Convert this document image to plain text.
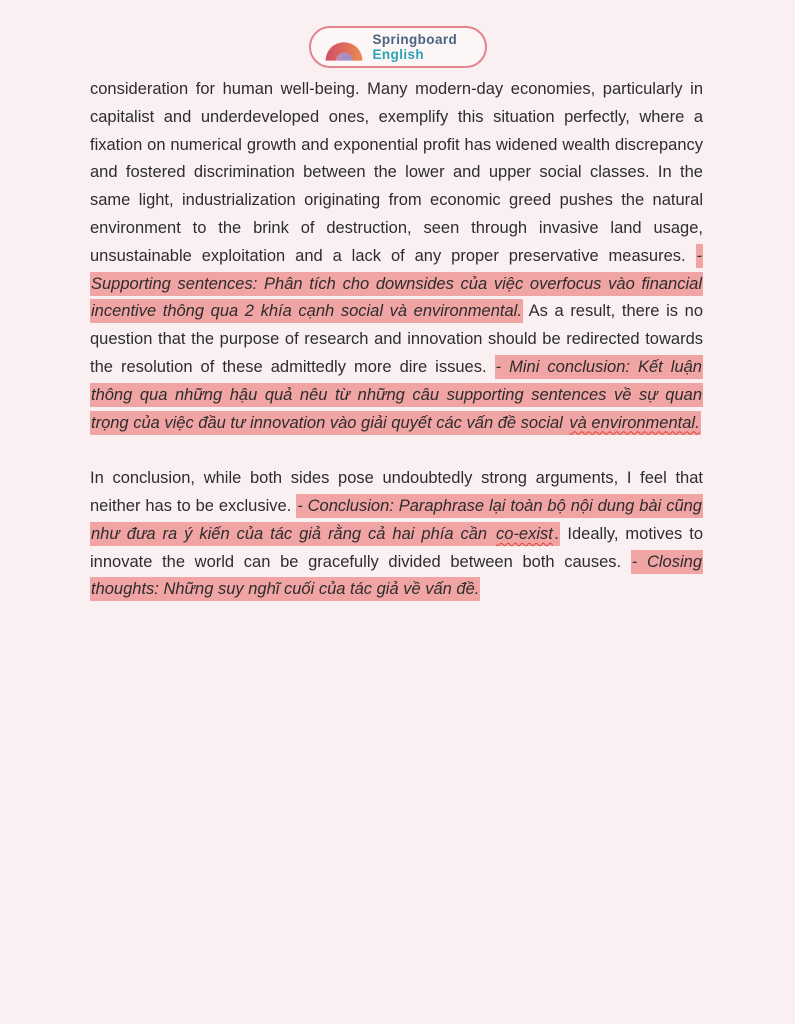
Springboard
English

consideration for human well-being. Many modern-day economies, particularly in capitalist and underdeveloped ones, exemplify this situation perfectly, where a fixation on numerical growth and exponential profit has widened wealth discrepancy and fostered discrimination between the lower and upper social classes. In the same light, industrialization originating from economic greed pushes the natural environment to the brink of destruction, seen through invasive land usage, unsustainable exploitation and a lack of any proper preservative measures. - Supporting sentences: Phân tích cho downsides của việc overfocus vào financial incentive thông qua 2 khía cạnh social và environmental. As a result, there is no question that the purpose of research and innovation should be redirected towards the resolution of these admittedly more dire issues. - Mini conclusion: Kết luận thông qua những hậu quả nêu từ những câu supporting sentences về sự quan trọng của việc đầu tư innovation vào giải quyết các vấn đề social và environmental.

In conclusion, while both sides pose undoubtedly strong arguments, I feel that neither has to be exclusive. - Conclusion: Paraphrase lại toàn bộ nội dung bài cũng như đưa ra ý kiến của tác giả rằng cả hai phía cần co-exist . Ideally, motives to innovate the world can be gracefully divided between both causes. - Closing thoughts: Những suy nghĩ cuối của tác giả về vấn đề.
